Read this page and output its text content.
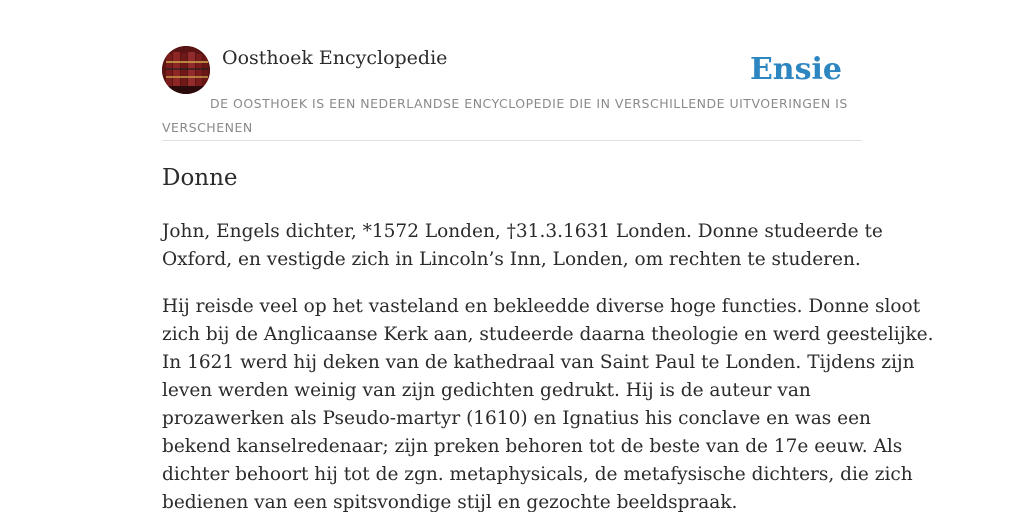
Oosthoek Encyclopedie	Ensie
DE OOSTHOEK IS EEN NEDERLANDSE ENCYCLOPEDIE DIE IN VERSCHILLENDE UITVOERINGEN IS VERSCHENEN
Donne

John, Engels dichter, *1572 Londen, †31.3.1631 Londen. Donne studeerde te
Oxford, en vestigde zich in Lincoln’s Inn, Londen, om rechten te studeren.

Hij reisde veel op het vasteland en bekleedde diverse hoge functies. Donne sloot
zich bij de Anglicaanse Kerk aan, studeerde daarna theologie en werd geestelijke.
In 1621 werd hij deken van de kathedraal van Saint Paul te Londen. Tijdens zijn
leven werden weinig van zijn gedichten gedrukt. Hij is de auteur van
prozawerken als Pseudo-martyr (1610) en Ignatius his conclave en was een
bekend kanselredenaar; zijn preken behoren tot de beste van de 17e eeuw. Als
dichter behoort hij tot de zgn. metaphysicals, de metafysische dichters, die zich
bedienen van een spitsvondige stijl en gezochte beeldspraak.
